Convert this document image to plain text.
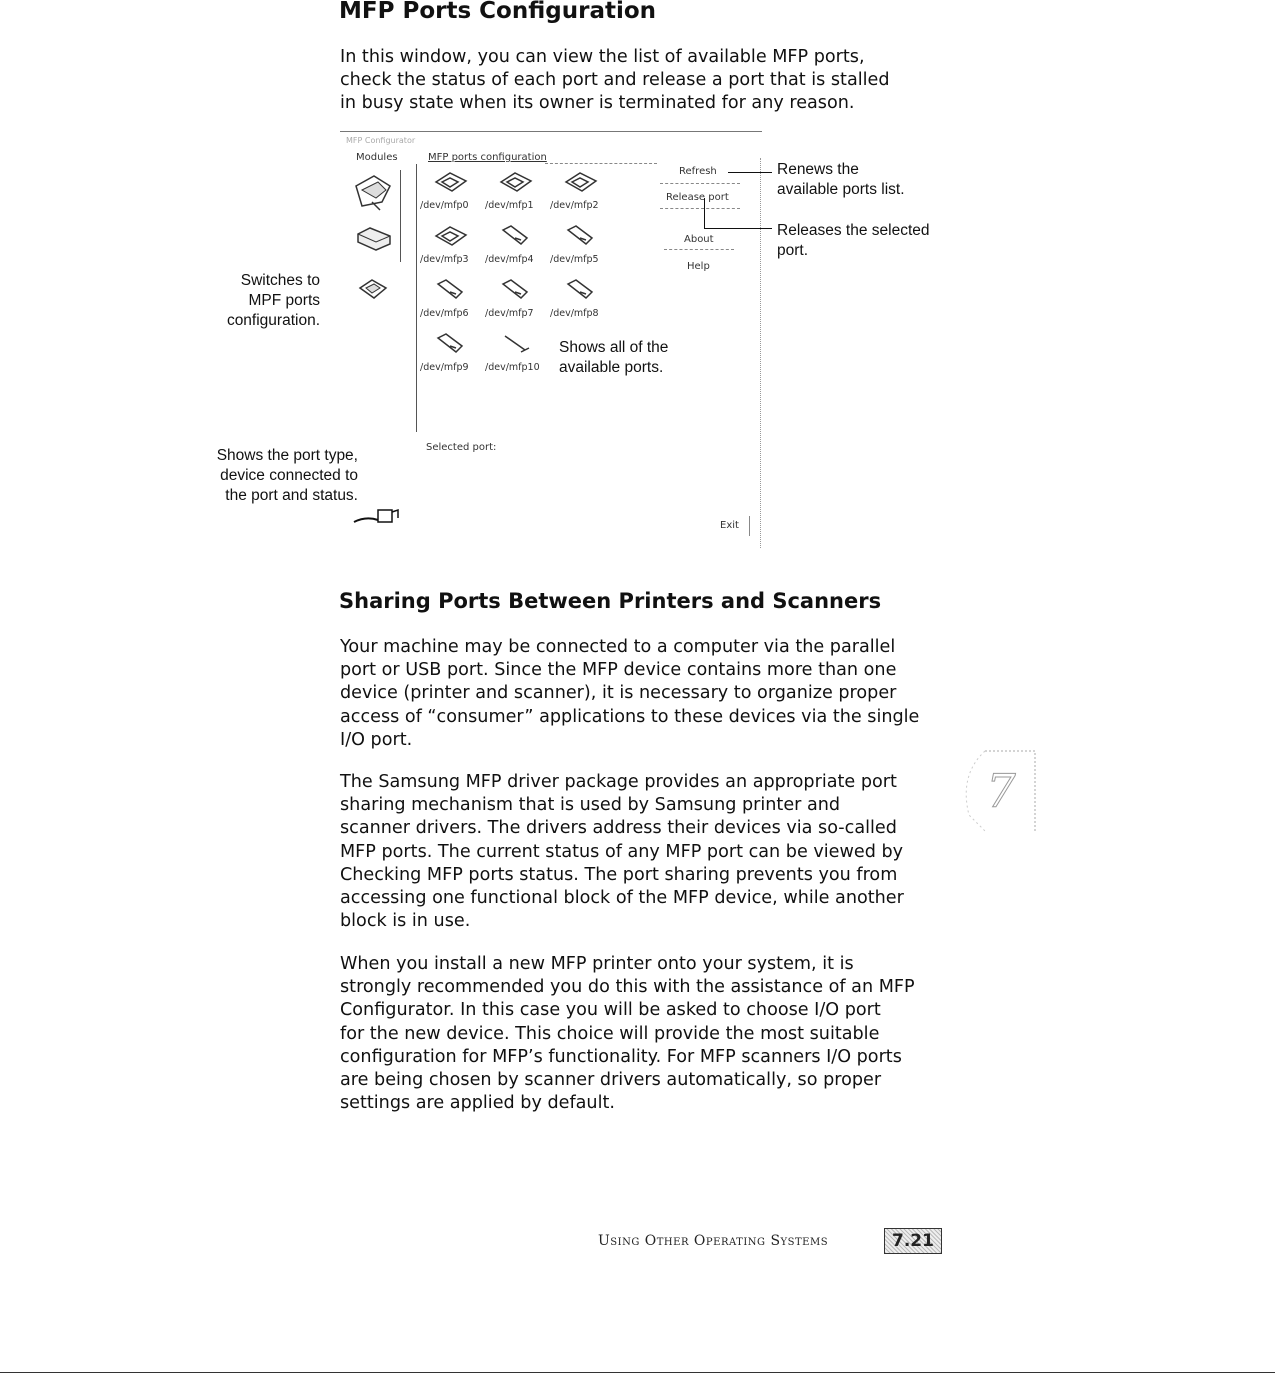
MFP Ports Configuration

In this window, you can view the list of available MFP ports,
check the status of each port and release a port that is stalled
in busy state when its owner is terminated for any reason.

MFP Configurator
Modules	MFP ports configuration
/dev/mfp0 /dev/mfp1 /dev/mfp2
/dev/mfp3 /dev/mfp4 /dev/mfp5
/dev/mfp6 /dev/mfp7 /dev/mfp8
/dev/mfp9 /dev/mfp10
Refresh
Release port
About
Help
Selected port:
Exit
Renews the
available ports list.
Releases the selected
port.
Switches to
MPF ports
configuration.
Shows all of the
available ports.
Shows the port type,
device connected to
the port and status.
Sharing Ports Between Printers and Scanners

Your machine may be connected to a computer via the parallel
port or USB port. Since the MFP device contains more than one
device (printer and scanner), it is necessary to organize proper
access of “consumer” applications to these devices via the single
I/O port.

The Samsung MFP driver package provides an appropriate port
sharing mechanism that is used by Samsung printer and
scanner drivers. The drivers address their devices via so-called
MFP ports. The current status of any MFP port can be viewed by
Checking MFP ports status. The port sharing prevents you from
accessing one functional block of the MFP device, while another
block is in use.

When you install a new MFP printer onto your system, it is
strongly recommended you do this with the assistance of an MFP
Configurator. In this case you will be asked to choose I/O port
for the new device. This choice will provide the most suitable
configuration for MFP’s functionality. For MFP scanners I/O ports
are being chosen by scanner drivers automatically, so proper
settings are applied by default.

7
Using Other Operating Systems	7.21
